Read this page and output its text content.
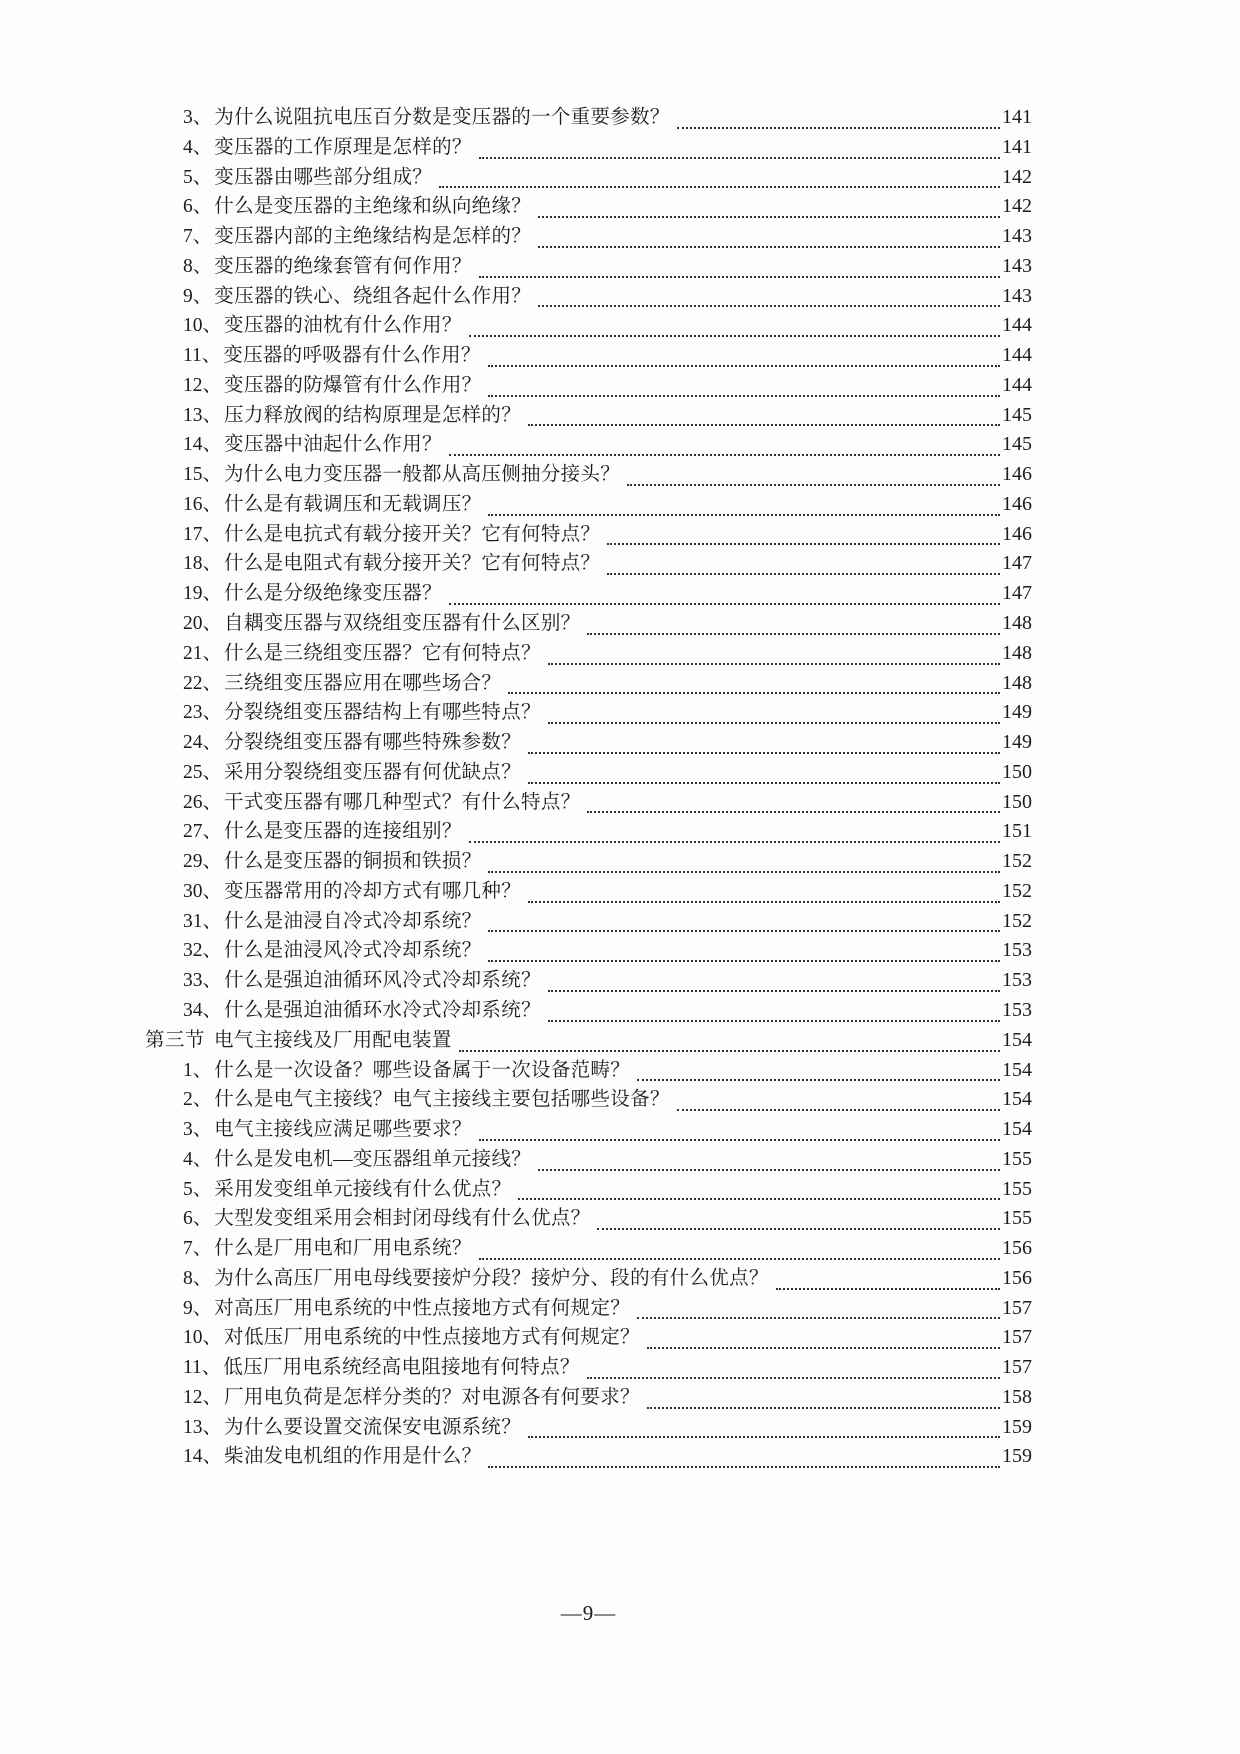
3、 为什么说阻抗电压百分数是变压器的一个重要参数？	141
4、 变压器的工作原理是怎样的？	141
5、 变压器由哪些部分组成？	142
6、 什么是变压器的主绝缘和纵向绝缘？	142
7、 变压器内部的主绝缘结构是怎样的？	143
8、 变压器的绝缘套管有何作用？	143
9、 变压器的铁心、绕组各起什么作用？	143
10、 变压器的油枕有什么作用？	144
11、 变压器的呼吸器有什么作用？	144
12、 变压器的防爆管有什么作用？	144
13、 压力释放阀的结构原理是怎样的？	145
14、 变压器中油起什么作用？	145
15、 为什么电力变压器一般都从高压侧抽分接头？	146
16、 什么是有载调压和无载调压？	146
17、 什么是电抗式有载分接开关？它有何特点？	146
18、 什么是电阻式有载分接开关？它有何特点？	147
19、 什么是分级绝缘变压器？	147
20、 自耦变压器与双绕组变压器有什么区别？	148
21、 什么是三绕组变压器？它有何特点？	148
22、 三绕组变压器应用在哪些场合？	148
23、 分裂绕组变压器结构上有哪些特点？	149
24、 分裂绕组变压器有哪些特殊参数？	149
25、 采用分裂绕组变压器有何优缺点？	150
26、 干式变压器有哪几种型式？有什么特点？	150
27、 什么是变压器的连接组别？	151
29、 什么是变压器的铜损和铁损？	152
30、 变压器常用的冷却方式有哪几种？	152
31、 什么是油浸自冷式冷却系统？	152
32、 什么是油浸风冷式冷却系统？	153
33、 什么是强迫油循环风冷式冷却系统？	153
34、 什么是强迫油循环水冷式冷却系统？	153
第三节 电气主接线及厂用配电装置	154
1、 什么是一次设备？哪些设备属于一次设备范畴？	154
2、 什么是电气主接线？电气主接线主要包括哪些设备？	154
3、 电气主接线应满足哪些要求？	154
4、 什么是发电机—变压器组单元接线？	155
5、 采用发变组单元接线有什么优点？	155
6、 大型发变组采用会相封闭母线有什么优点？	155
7、 什么是厂用电和厂用电系统？	156
8、 为什么高压厂用电母线要接炉分段？接炉分、段的有什么优点？	156
9、 对高压厂用电系统的中性点接地方式有何规定？	157
10、 对低压厂用电系统的中性点接地方式有何规定？	157
11、 低压厂用电系统经高电阻接地有何特点？	157
12、 厂用电负荷是怎样分类的？对电源各有何要求？	158
13、 为什么要设置交流保安电源系统？	159
14、 柴油发电机组的作用是什么？	159
—9—
